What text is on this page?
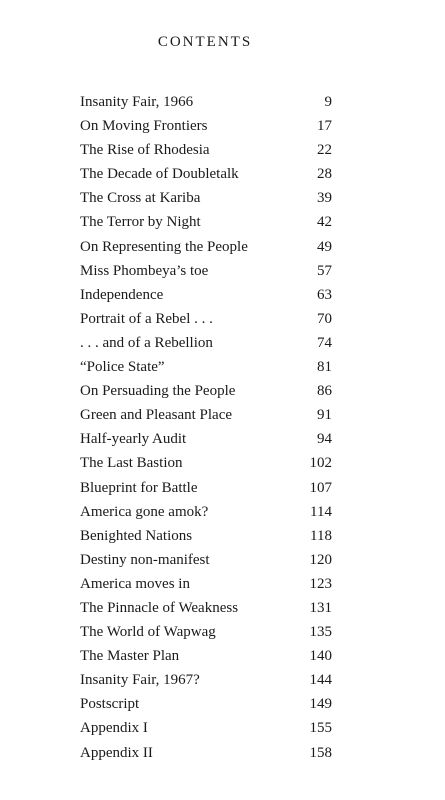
CONTENTS
Insanity Fair, 1966	9
On Moving Frontiers	17
The Rise of Rhodesia	22
The Decade of Doubletalk	28
The Cross at Kariba	39
The Terror by Night	42
On Representing the People	49
Miss Phombeya’s toe	57
Independence	63
Portrait of a Rebel . . .	70
. . . and of a Rebellion	74
“Police State”	81
On Persuading the People	86
Green and Pleasant Place	91
Half-yearly Audit	94
The Last Bastion	102
Blueprint for Battle	107
America gone amok?	114
Benighted Nations	118
Destiny non-manifest	120
America moves in	123
The Pinnacle of Weakness	131
The World of Wapwag	135
The Master Plan	140
Insanity Fair, 1967?	144
Postscript	149
Appendix I	155
Appendix II	158
